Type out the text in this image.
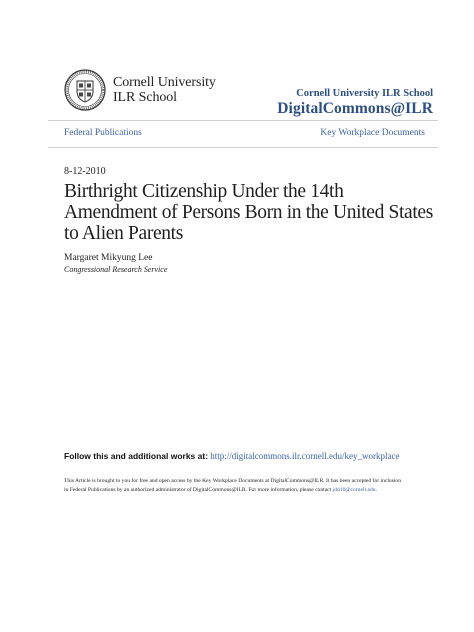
Cornell University
ILR School	Cornell University ILR School
DigitalCommons@ILR
Federal Publications	Key Workplace Documents
8-12-2010
Birthright Citizenship Under the 14th Amendment of Persons Born in the United States to Alien Parents
Margaret Mikyung Lee
Congressional Research Service
Follow this and additional works at: http://digitalcommons.ilr.cornell.edu/key_workplace
This Article is brought to you for free and open access by the Key Workplace Documents at DigitalCommons@ILR. It has been accepted for inclusion
in Federal Publications by an authorized administrator of DigitalCommons@ILR. For more information, please contact jdd10@cornell.edu.
